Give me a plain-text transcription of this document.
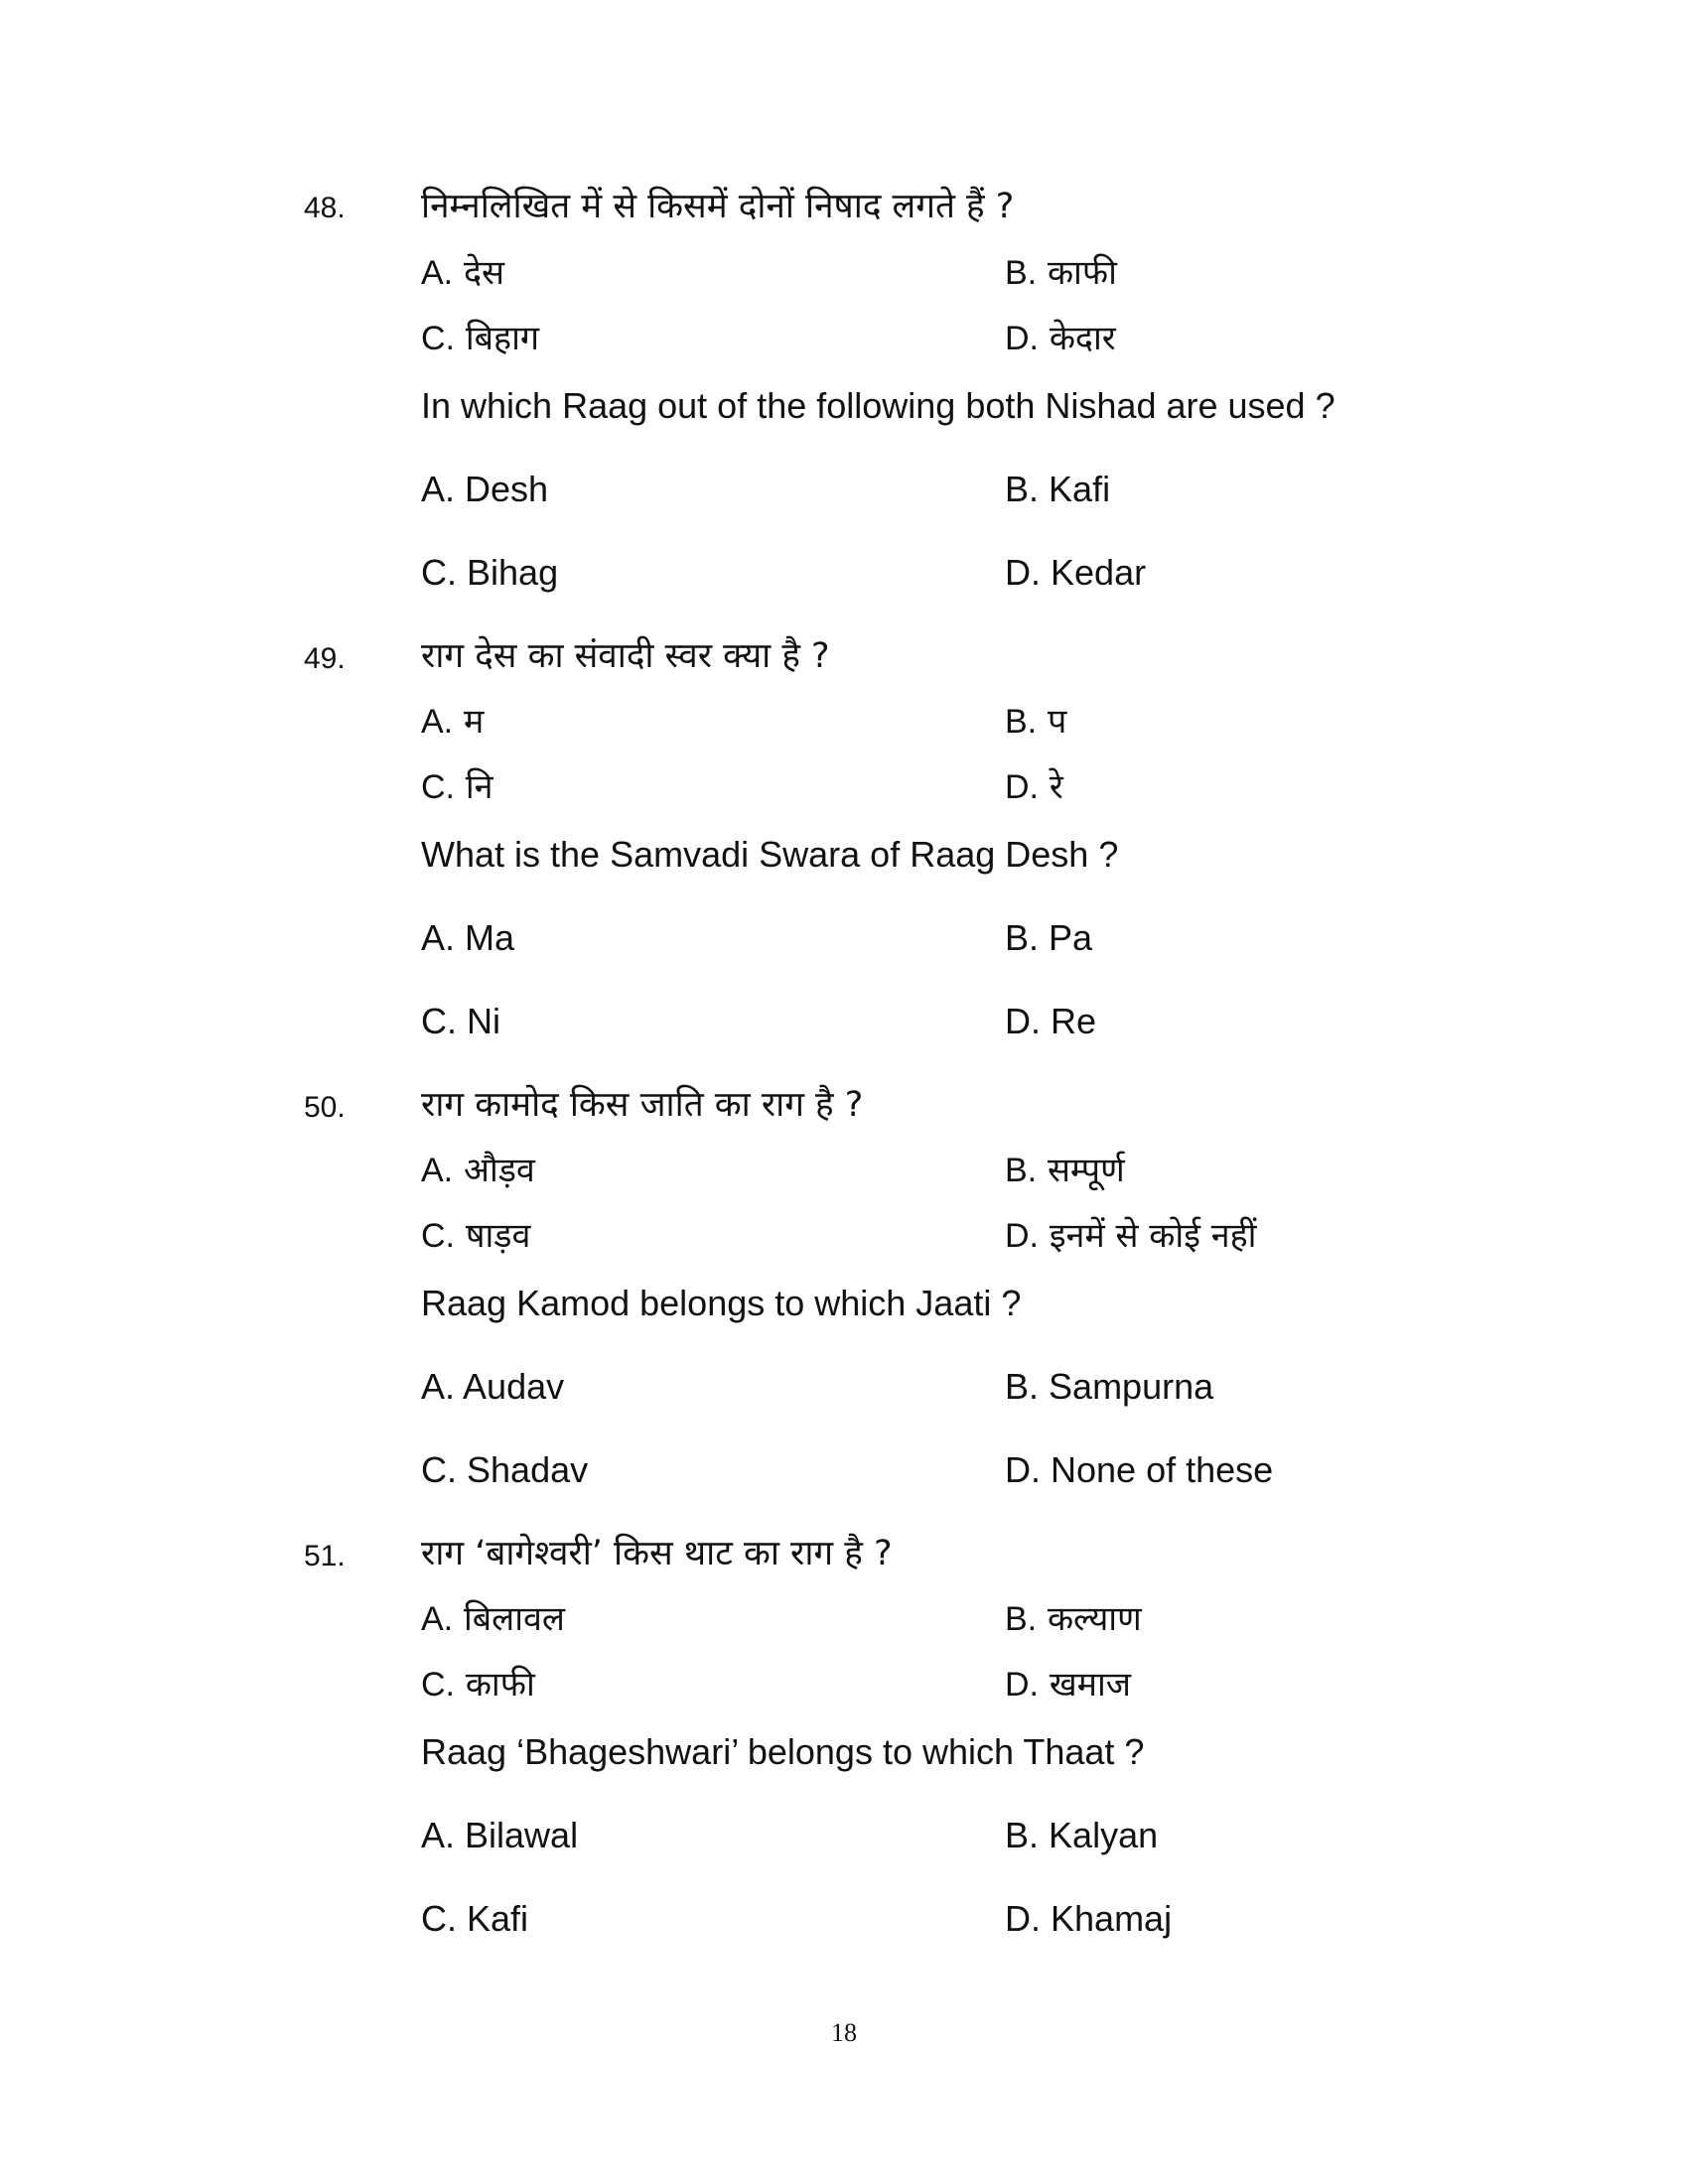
48. निम्नलिखित में से किसमें दोनों निषाद लगते हैं ?
A. देस	B. काफी
C. बिहाग	D. केदार
In which Raag out of the following both Nishad are used ?
A. Desh	B. Kafi
C. Bihag	D. Kedar
49. राग देस का संवादी स्वर क्या है ?
A. म	B. प
C. नि	D. रे
What is the Samvadi Swara of Raag Desh ?
A. Ma	B. Pa
C. Ni	D. Re
50. राग कामोद किस जाति का राग है ?
A. औड़व	B. सम्पूर्ण
C. षाड़व	D. इनमें से कोई नहीं
Raag Kamod belongs to which Jaati ?
A. Audav	B. Sampurna
C. Shadav	D. None of these
51. राग ‘बागेश्वरी’ किस थाट का राग है ?
A. बिलावल	B. कल्याण
C. काफी	D. खमाज
Raag ‘Bhageshwari’ belongs to which Thaat ?
A. Bilawal	B. Kalyan
C. Kafi	D. Khamaj
18
